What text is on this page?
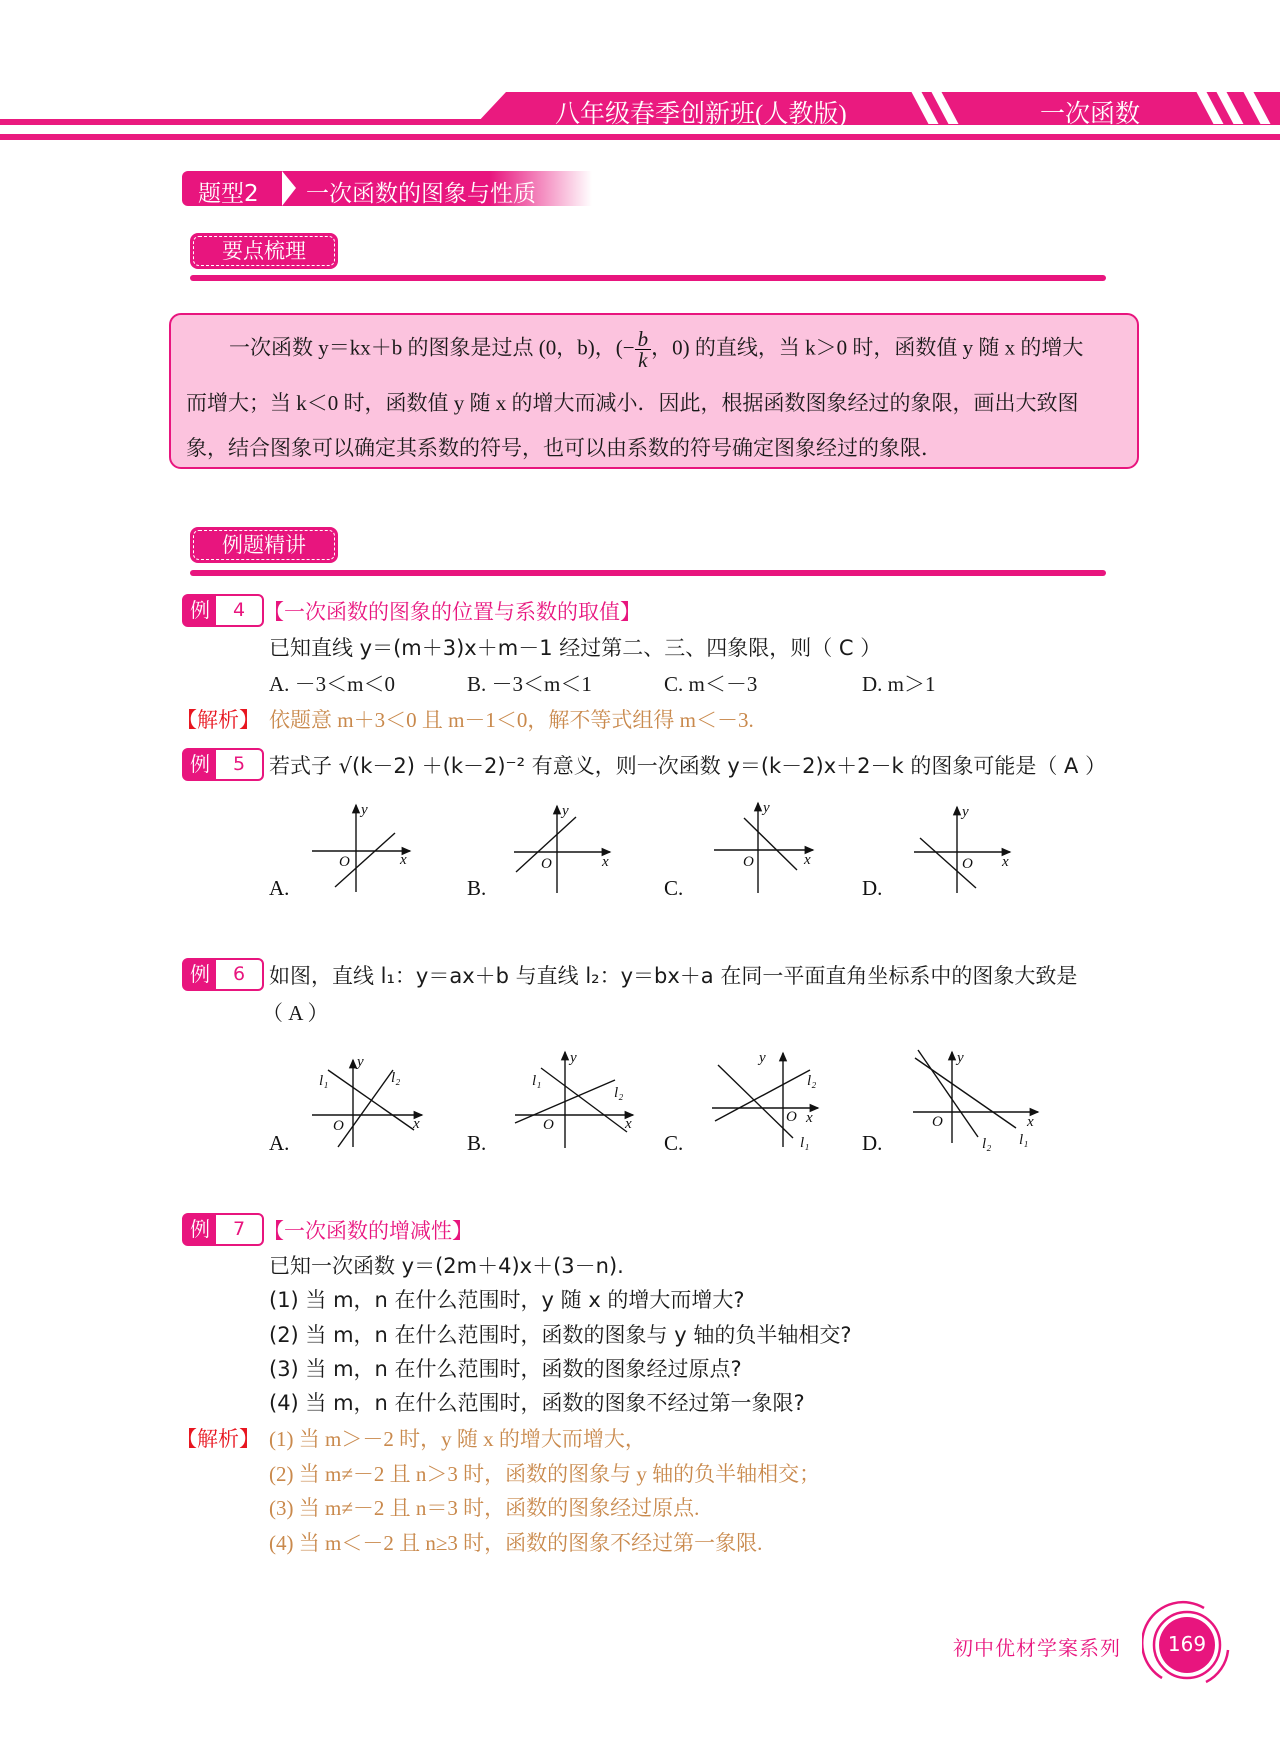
八年级春季创新班(人教版)	一次函数
题型2 一次函数的图象与性质
要点梳理
一次函数 y＝kx＋b 的图象是过点 (0，b)，(− $\frac{b}{k}$ ，0) 的直线，当 k＞0 时，函数值 y 随 x 的增大
而增大；当 k＜0 时，函数值 y 随 x 的增大而减小．因此，根据函数图象经过的象限，画出大致图
象，结合图象可以确定其系数的符号，也可以由系数的符号确定图象经过的象限．
例题精讲
例	4 【一次函数的图象的位置与系数的取值】
已知直线 y＝(m＋3)x＋m－1 经过第二、三、四象限，则（ C ）
A. －3＜m＜0	B. －3＜m＜1	C. m＜－3	D. m＞1
【解析】 依题意 m＋3＜0 且 m－1＜0，解不等式组得 m＜－3.
例	5	若式子 √(k－2) ＋(k－2)⁻² 有意义，则一次函数 y＝(k－2)x＋2－k 的图象可能是（ A ）
例	6	如图，直线 l₁：y＝ax＋b 与直线 l₂：y＝bx＋a 在同一平面直角坐标系中的图象大致是
（ A ）
A.
O	x
y
B.
O	x
y
C.
O	x
y
D.
O x
y
A.
O	x
y
l₁	l₂
B.
O	x
y
l₁
l₂
C.
O x
y
l₁
l₂
D.
O	x
y
l₁
l₂
例	7 【一次函数的增减性】
已知一次函数 y＝(2m＋4)x＋(3－n).
(1) 当 m，n 在什么范围时，y 随 x 的增大而增大?
(2) 当 m，n 在什么范围时，函数的图象与 y 轴的负半轴相交?
(3) 当 m，n 在什么范围时，函数的图象经过原点?
(4) 当 m，n 在什么范围时，函数的图象不经过第一象限?
【解析】 (1) 当 m＞－2 时，y 随 x 的增大而增大，
(2) 当 m≠－2 且 n＞3 时，函数的图象与 y 轴的负半轴相交；
(3) 当 m≠－2 且 n＝3 时，函数的图象经过原点.
(4) 当 m＜－2 且 n≥3 时，函数的图象不经过第一象限.
初中优材学案系列 169
